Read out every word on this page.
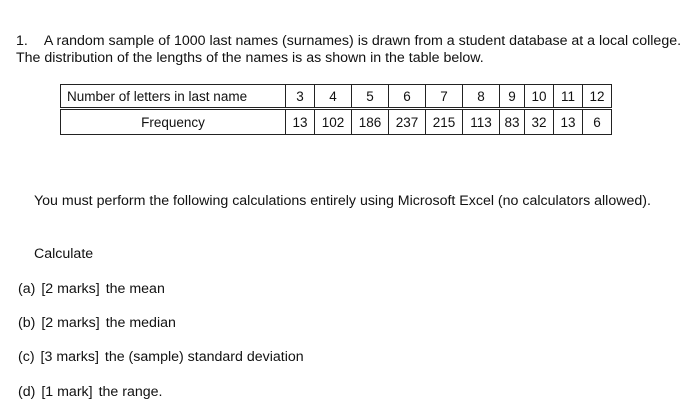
1. A random sample of 1000 last names (surnames) is drawn from a student database at a local college. The distribution of the lengths of the names is as shown in the table below.
Number of letters in last name	3	4	5	6	7	8	9	10	11	12
Frequency	13	102	186	237	215	113	83	32	13	6
You must perform the following calculations entirely using Microsoft Excel (no calculators allowed).
Calculate
(a) [2 marks] the mean
(b) [2 marks] the median
(c) [3 marks] the (sample) standard deviation
(d) [1 mark] the range.
